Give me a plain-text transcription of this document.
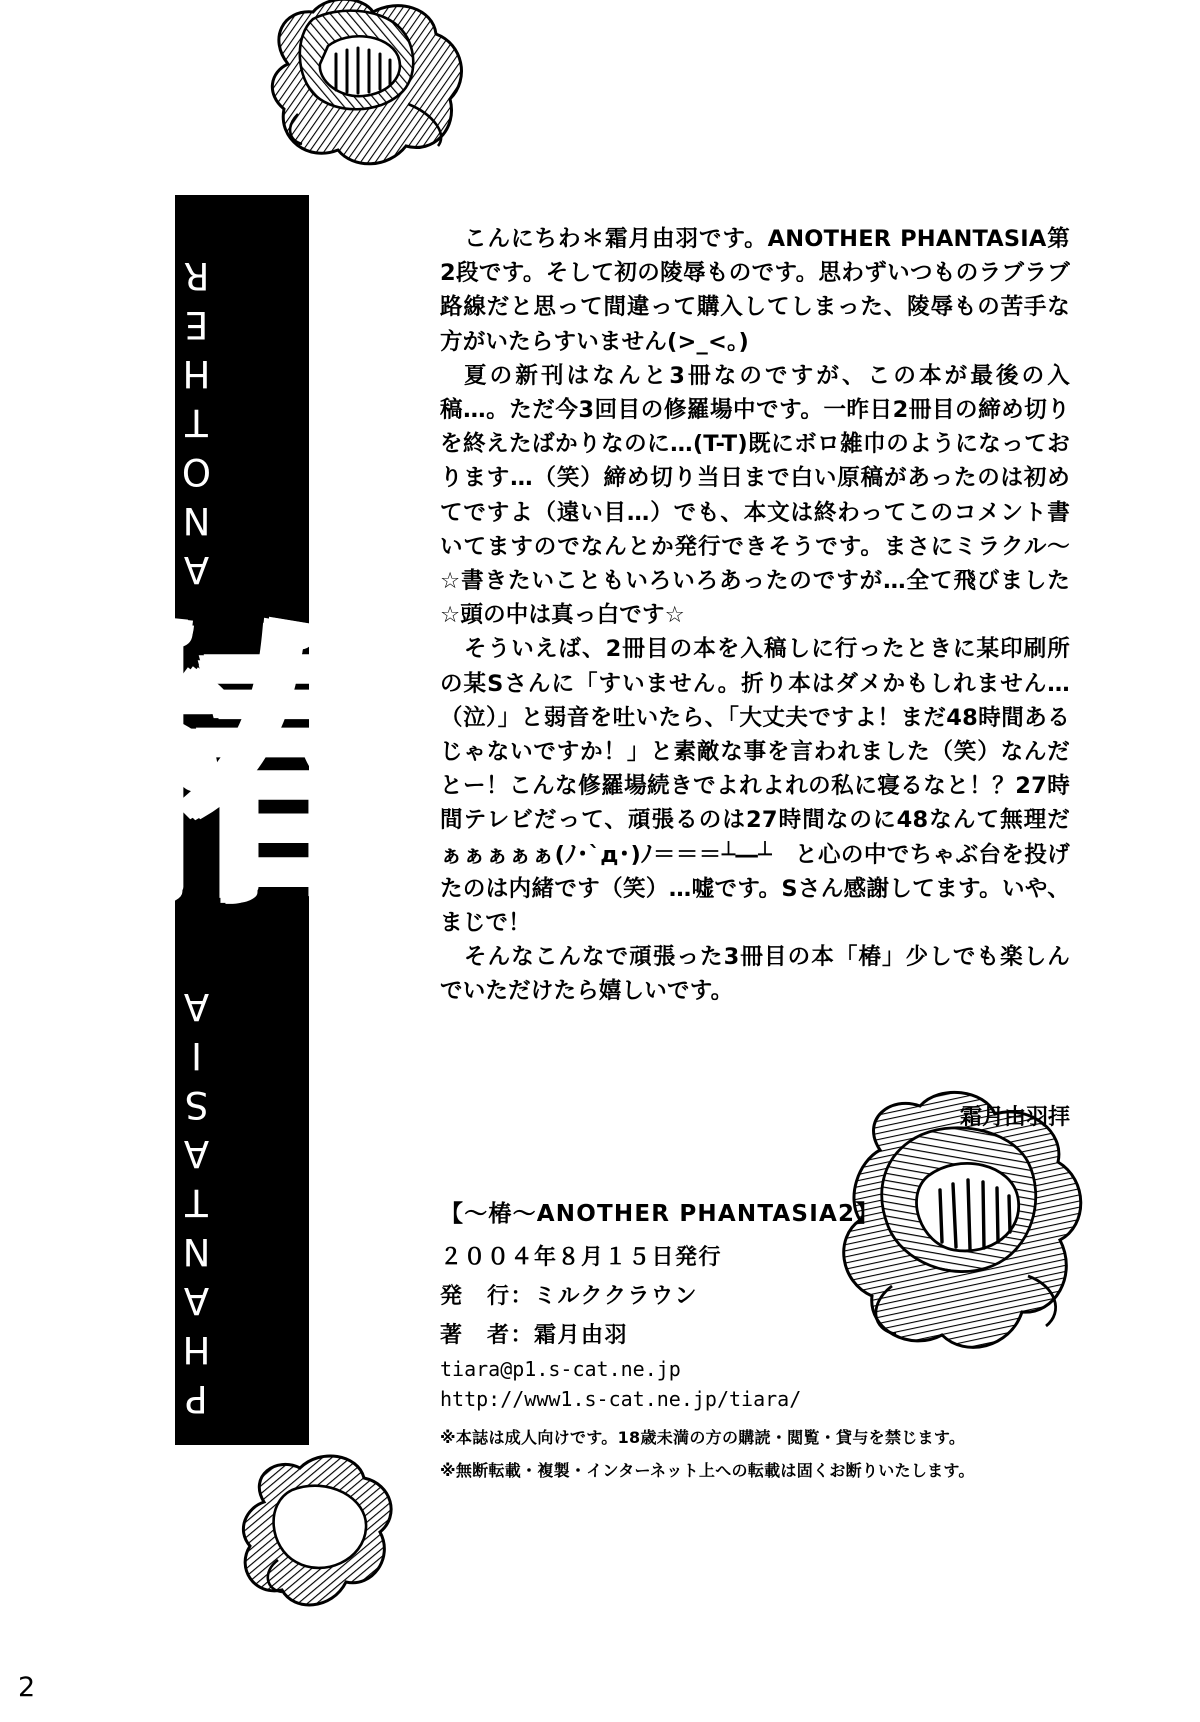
ANOTHER
PHANTASIA
椿

こんにちわ＊霜月由羽です。ANOTHER PHANTASIA第2段です。そして初の陵辱ものです。思わずいつものラブラブ路線だと思って間違って購入してしまった、陵辱もの苦手な方がいたらすいません(>_<。)

夏の新刊はなんと3冊なのですが、この本が最後の入稿…。ただ今3回目の修羅場中です。一昨日2冊目の締め切りを終えたばかりなのに…(T-T)既にボロ雑巾のようになっております…（笑）締め切り当日まで白い原稿があったのは初めてですよ（遠い目…）でも、本文は終わってこのコメント書いてますのでなんとか発行できそうです。まさにミラクル～☆書きたいこともいろいろあったのですが…全て飛びました☆頭の中は真っ白です☆

そういえば、2冊目の本を入稿しに行ったときに某印刷所の某Sさんに「すいません。折り本はダメかもしれません…（泣）」と弱音を吐いたら、「大丈夫ですよ！まだ48時間あるじゃないですか！」と素敵な事を言われました（笑）なんだとー！こんな修羅場続きでよれよれの私に寝るなと！？27時間テレビだって、頑張るのは27時間なのに48なんて無理だぁぁぁぁぁ(ﾉ･`д･)ﾉ＝＝＝┴―┴　と心の中でちゃぶ台を投げたのは内緒です（笑）…嘘です。Sさん感謝してます。いや、まじで！

そんなこんなで頑張った3冊目の本「椿」少しでも楽しんでいただけたら嬉しいです。

霜月由羽拝
【～椿～ANOTHER PHANTASIA2】
２００４年８月１５日発行
発　行：ミルククラウン
著　者：霜月由羽
tiara@p1.s-cat.ne.jp
http://www1.s-cat.ne.jp/tiara/
※本誌は成人向けです。18歳未満の方の購読・閲覧・貸与を禁じます。
※無断転載・複製・インターネット上への転載は固くお断りいたします。
2
